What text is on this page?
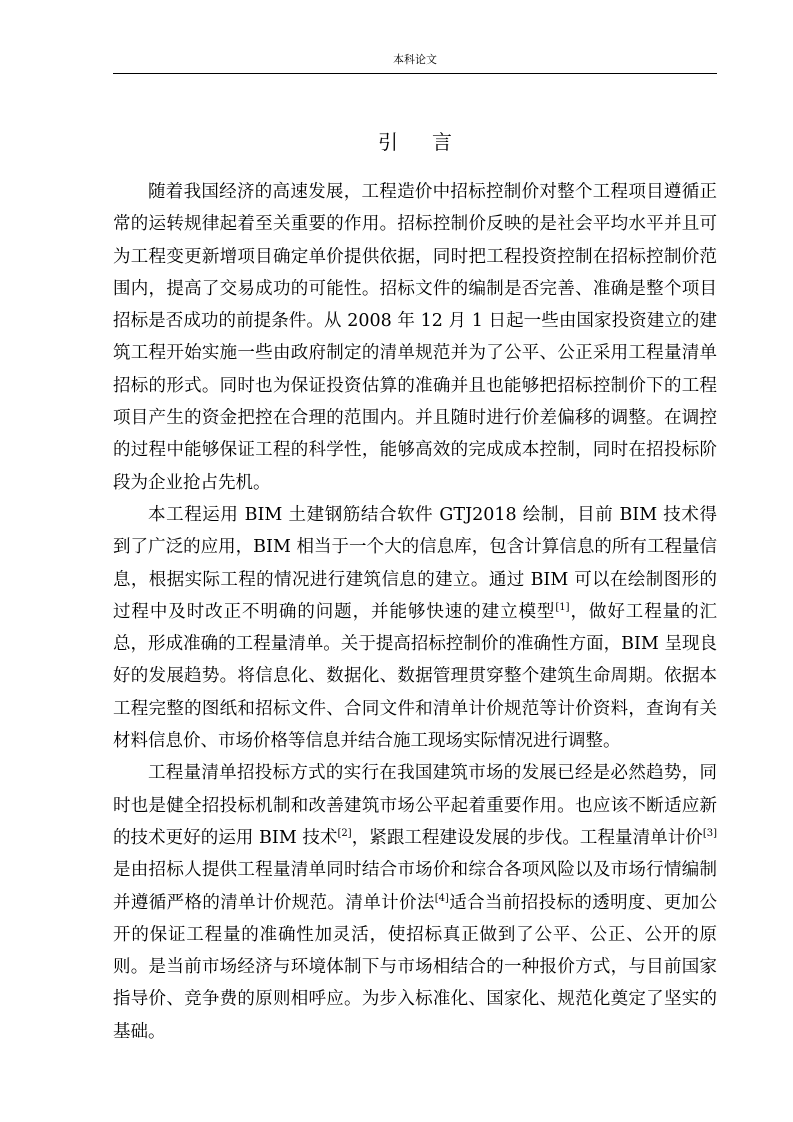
本科论文
引言

随着我国经济的高速发展，工程造价中招标控制价对整个工程项目遵循正常的运转规律起着至关重要的作用。招标控制价反映的是社会平均水平并且可为工程变更新增项目确定单价提供依据，同时把工程投资控制在招标控制价范围内，提高了交易成功的可能性。招标文件的编制是否完善、准确是整个项目招标是否成功的前提条件。从 2008 年 12 月 1 日起一些由国家投资建立的建筑工程开始实施一些由政府制定的清单规范并为了公平、公正采用工程量清单招标的形式。同时也为保证投资估算的准确并且也能够把招标控制价下的工程项目产生的资金把控在合理的范围内。并且随时进行价差偏移的调整。在调控的过程中能够保证工程的科学性，能够高效的完成成本控制，同时在招投标阶段为企业抢占先机。

本工程运用 BIM 土建钢筋结合软件 GTJ2018 绘制，目前 BIM 技术得到了广泛的应用，BIM 相当于一个大的信息库，包含计算信息的所有工程量信息，根据实际工程的情况进行建筑信息的建立。通过 BIM 可以在绘制图形的过程中及时改正不明确的问题，并能够快速的建立模型[1]，做好工程量的汇总，形成准确的工程量清单。关于提高招标控制价的准确性方面，BIM 呈现良好的发展趋势。将信息化、数据化、数据管理贯穿整个建筑生命周期。依据本工程完整的图纸和招标文件、合同文件和清单计价规范等计价资料，查询有关材料信息价、市场价格等信息并结合施工现场实际情况进行调整。

工程量清单招投标方式的实行在我国建筑市场的发展已经是必然趋势，同时也是健全招投标机制和改善建筑市场公平起着重要作用。也应该不断适应新的技术更好的运用 BIM 技术[2]，紧跟工程建设发展的步伐。工程量清单计价[3]是由招标人提供工程量清单同时结合市场价和综合各项风险以及市场行情编制并遵循严格的清单计价规范。清单计价法[4]适合当前招投标的透明度、更加公开的保证工程量的准确性加灵活，使招标真正做到了公平、公正、公开的原则。是当前市场经济与环境体制下与市场相结合的一种报价方式，与目前国家指导价、竞争费的原则相呼应。为步入标准化、国家化、规范化奠定了坚实的基础。
